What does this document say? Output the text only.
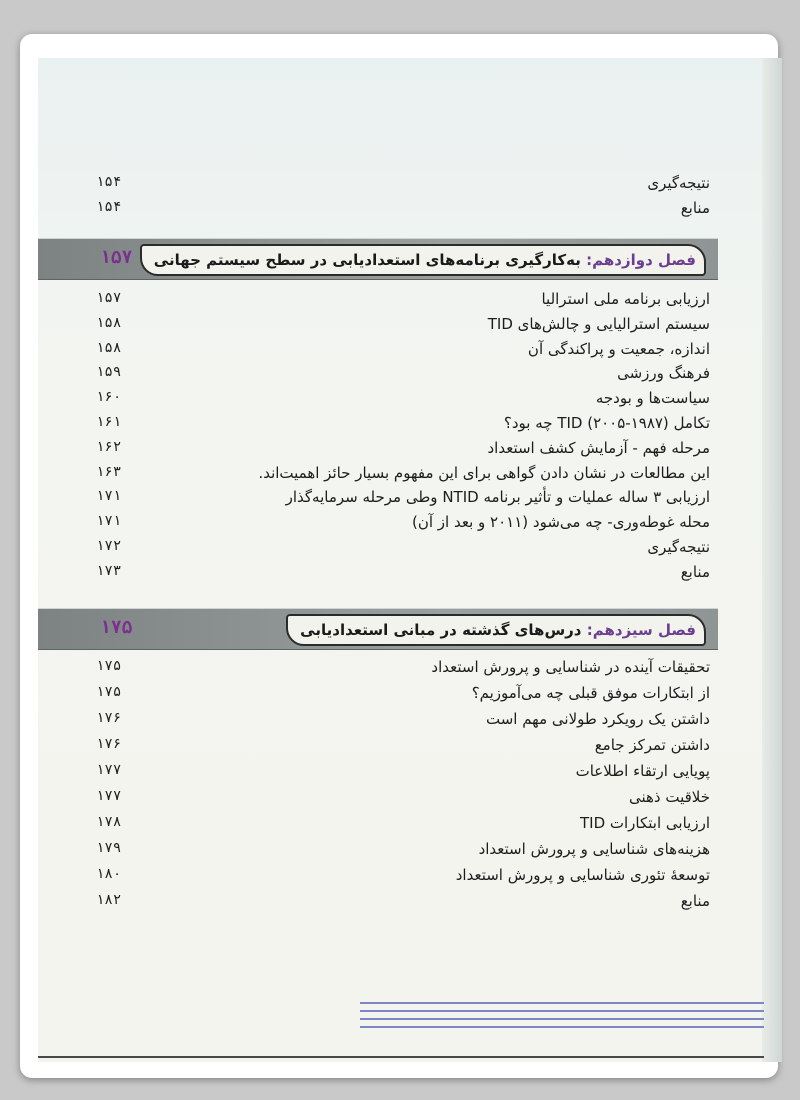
نتیجه‌گیری
۱۵۴
منابع
۱۵۴
۱۵۷	فصل دوازدهم: به‌کارگیری برنامه‌های استعدادیابی در سطح سیستم جهانی
ارزیابی برنامه ملی استرالیا
۱۵۷
سیستم استرالیایی و چالش‌های TID
۱۵۸
اندازه، جمعیت و پراکندگی آن
۱۵۸
فرهنگ ورزشی
۱۵۹
سیاست‌ها و بودجه
۱۶۰
تکامل TID (۲۰۰۵-۱۹۸۷) چه بود؟
۱۶۱
مرحله فهم - آزمایش کشف استعداد
۱۶۲
این مطالعات در نشان دادن گواهی برای این مفهوم بسیار حائز اهمیت‌اند.
۱۶۳
ارزیابی ۳ ساله عملیات و تأثیر برنامه NTID وطی مرحله سرمایه‌گذار
۱۷۱
محله غوطه‌وری- چه می‌شود (۲۰۱۱ و بعد از آن)
۱۷۱
نتیجه‌گیری
۱۷۲
منابع
۱۷۳
۱۷۵	فصل سیزدهم: درس‌های گذشته در مبانی استعدادیابی
تحقیقات آینده در شناسایی و پرورش استعداد
۱۷۵
از ابتکارات موفق قبلی چه می‌آموزیم؟
۱۷۵
داشتن یک رویکرد طولانی مهم است
۱۷۶
داشتن تمرکز جامع
۱۷۶
پویایی ارتقاء اطلاعات
۱۷۷
خلاقیت ذهنی
۱۷۷
ارزیابی ابتکارات TID
۱۷۸
هزینه‌های شناسایی و پرورش استعداد
۱۷۹
توسعهٔ تئوری شناسایی و پرورش استعداد
۱۸۰
منابع
۱۸۲
